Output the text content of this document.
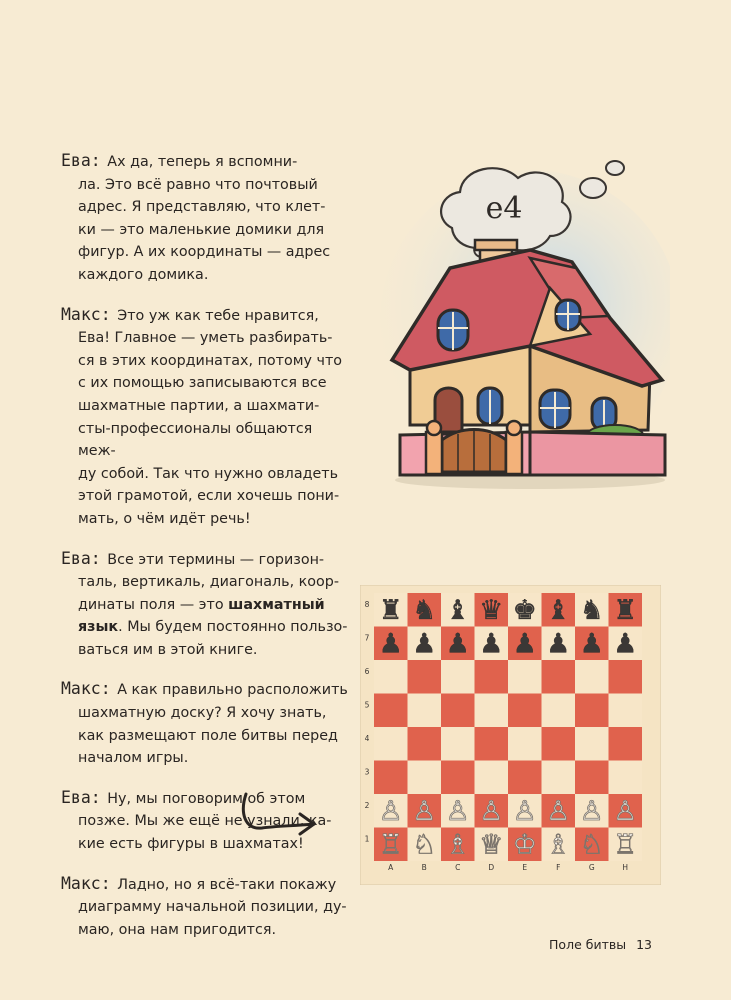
Ева: Ах да, теперь я вспомни-
ла. Это всё равно что почтовый
адрес. Я представляю, что клет-
ки — это маленькие домики для
фигур. А их координаты — адрес
каждого домика.

Макс: Это уж как тебе нравится,
Ева! Главное — уметь разбирать-
ся в этих координатах, потому что
с их помощью записываются все
шахматные партии, а шахмати-
сты-профессионалы общаются меж-
ду собой. Так что нужно овладеть
этой грамотой, если хочешь пони-
мать, о чём идёт речь!

Ева: Все эти термины — горизон-
таль, вертикаль, диагональ, коор-
динаты поля — это шахматный
язык. Мы будем постоянно пользо-
ваться им в этой книге.

Макс: А как правильно расположить
шахматную доску? Я хочу знать,
как размещают поле битвы перед
началом игры.

Ева: Ну, мы поговорим об этом
позже. Мы же ещё не узнали, ка-
кие есть фигуры в шахматах!

Макс: Ладно, но я всё-таки покажу
диаграмму начальной позиции, ду-
маю, она нам пригодится.

e4
8
7
6
5
4
3
2
1
A	B	C	D	E	F	G	H
♜ ♞ ♝ ♛ ♚ ♝ ♞ ♜
♟ ♟ ♟ ♟ ♟ ♟ ♟ ♟
♙ ♙ ♙ ♙ ♙ ♙ ♙ ♙
♖ ♘ ♗ ♕ ♔ ♗ ♘ ♖
Поле битвы 13
